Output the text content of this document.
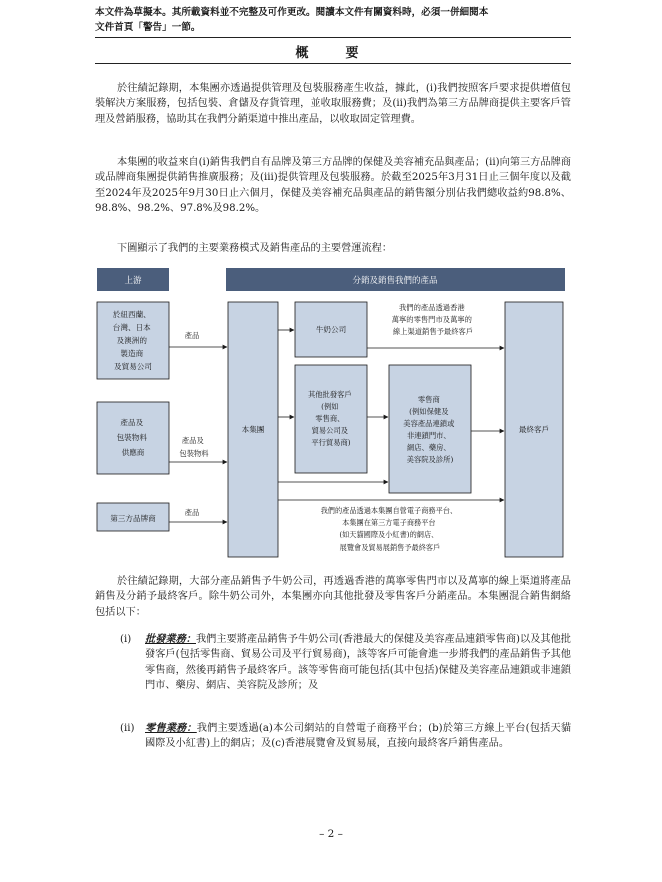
本文件為草擬本。其所載資料並不完整及可作更改。閱讀本文件有關資料時，必須一併細閱本
文件首頁「警告」一節。
概　要

於往績記錄期，本集團亦透過提供管理及包裝服務產生收益，據此，(i)我們按照客戶要求提供增值包裝解決方案服務，包括包裝、倉儲及存貨管理，並收取服務費；及(ii)我們為第三方品牌商提供主要客戶管理及營銷服務，協助其在我們分銷渠道中推出產品，以收取固定管理費。

本集團的收益來自(i)銷售我們自有品牌及第三方品牌的保健及美容補充品與產品；(ii)向第三方品牌商或品牌商集團提供銷售推廣服務；及(iii)提供管理及包裝服務。於截至2025年3月31日止三個年度以及截至2024年及2025年9月30日止六個月，保健及美容補充品與產品的銷售額分別佔我們總收益約98.8%、98.8%、98.2%、97.8%及98.2%。

下圖顯示了我們的主要業務模式及銷售產品的主要營運流程：

上游	分銷及銷售我們的產品
於紐西蘭、 台灣、日本 及澳洲的 製造商 及貿易公司
產品及 包裝物料 供應商
第三方品牌商
本集團
牛奶公司
其他批發客戶 (例如 零售商、 貿易公司及 平行貿易商)
零售商 (例如保健及 美容產品連鎖或 非連鎖門市、 網店、藥房、 美容院及診所)
最終客戶
產品
產品及 包裝物料
產品
我們的產品透過香港 萬寧的零售門市及萬寧的 線上渠道銷售予最終客戶
我們的產品透過本集團自營電子商務平台、 本集團在第三方電子商務平台 (如天貓國際及小紅書)的網店、 展覽會及貿易展銷售予最終客戶

於往績記錄期，大部分產品銷售予牛奶公司，再透過香港的萬寧零售門市以及萬寧的線上渠道將產品銷售及分銷予最終客戶。除牛奶公司外，本集團亦向其他批發及零售客戶分銷產品。本集團混合銷售網絡包括以下：

(i) 批發業務：我們主要將產品銷售予牛奶公司(香港最大的保健及美容產品連鎖零售商)以及其他批發客戶(包括零售商、貿易公司及平行貿易商)，該等客戶可能會進一步將我們的產品銷售予其他零售商，然後再銷售予最終客戶。該等零售商可能包括(其中包括)保健及美容產品連鎖或非連鎖門市、藥房、網店、美容院及診所；及

(ii) 零售業務：我們主要透過(a)本公司網站的自營電子商務平台；(b)於第三方線上平台(包括天貓國際及小紅書)上的網店；及(c)香港展覽會及貿易展，直接向最終客戶銷售產品。

– 2 –
